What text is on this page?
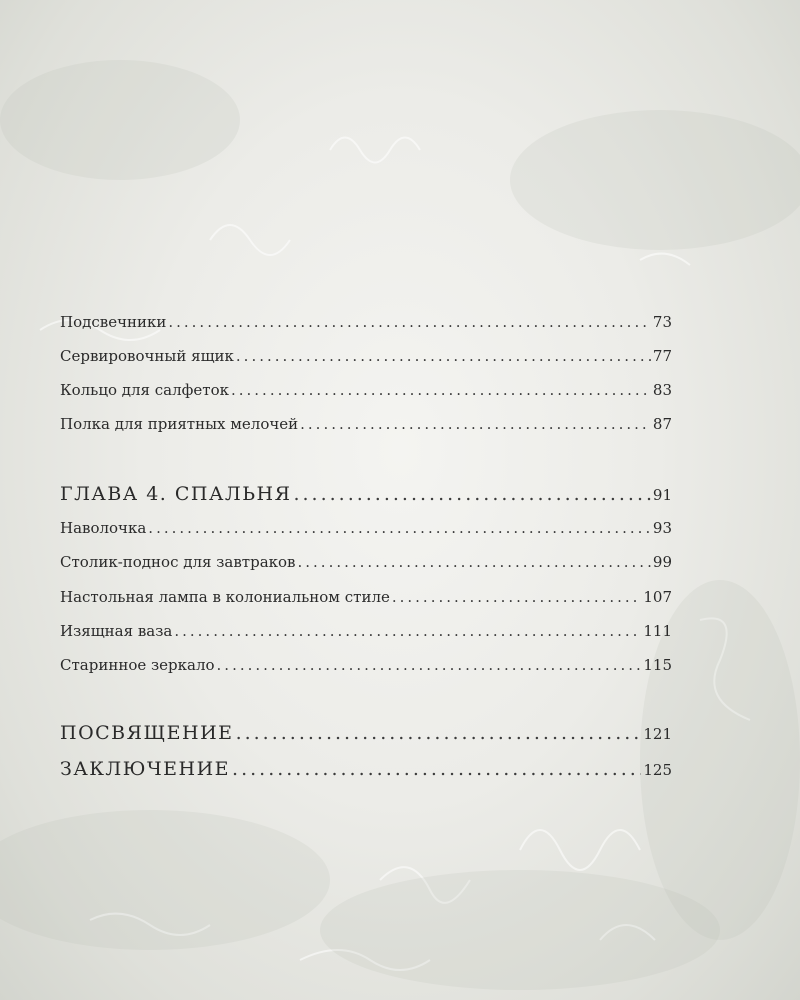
Подсвечники .....	73
Сервировочный ящик .....	77
Кольцо для салфеток .....	83
Полка для приятных мелочей .....	87
ГЛАВА 4. СПАЛЬНЯ .....	91
Наволочка .....	93
Столик-поднос для завтраков .....	99
Настольная лампа в колониальном стиле .....	107
Изящная ваза .....	111
Старинное зеркало .....	115
ПОСВЯЩЕНИЕ .....	121
ЗАКЛЮЧЕНИЕ .....	125
